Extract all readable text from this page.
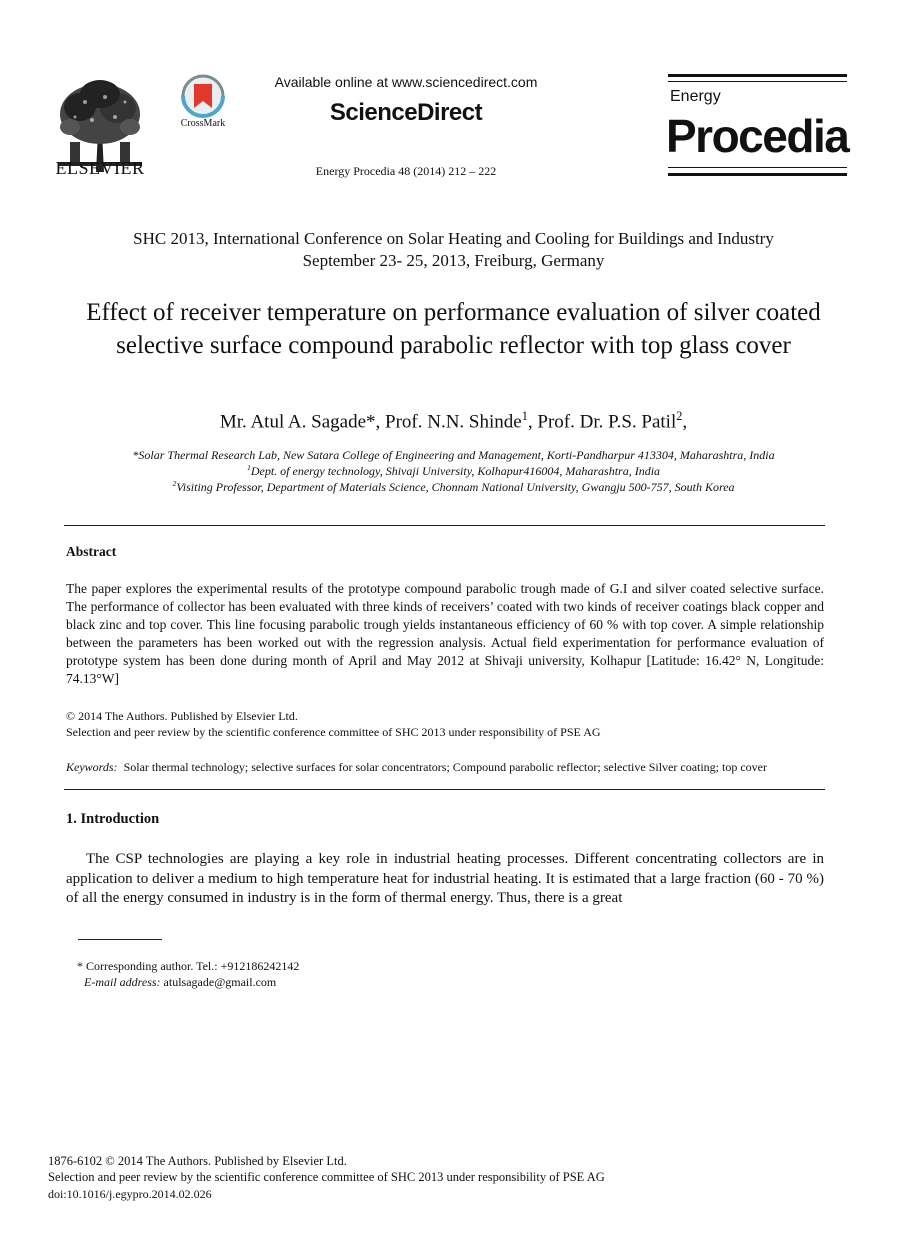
ELSEVIER
CrossMark
Available online at www.sciencedirect.com
ScienceDirect
Energy Procedia 48 (2014) 212 – 222
Energy
Procedia
SHC 2013, International Conference on Solar Heating and Cooling for Buildings and Industry
September 23- 25, 2013, Freiburg, Germany
Effect of receiver temperature on performance evaluation of silver coated selective surface compound parabolic reflector with top glass cover
Mr. Atul A. Sagade*, Prof. N.N. Shinde$^1$, Prof. Dr. P.S. Patil$^2$,
*Solar Thermal Research Lab, New Satara College of Engineering and Management, Korti-Pandharpur 413304, Maharashtra, India
$^1$Dept. of energy technology, Shivaji University, Kolhapur416004, Maharashtra, India
$^2$Visiting Professor, Department of Materials Science, Chonnam National University, Gwangju 500-757, South Korea
Abstract
The paper explores the experimental results of the prototype compound parabolic trough made of G.I and silver coated selective surface. The performance of collector has been evaluated with three kinds of receivers’ coated with two kinds of receiver coatings black copper and black zinc and top cover. This line focusing parabolic trough yields instantaneous efficiency of 60 % with top cover. A simple relationship between the parameters has been worked out with the regression analysis. Actual field experimentation for performance evaluation of prototype system has been done during month of April and May 2012 at Shivaji university, Kolhapur [Latitude: 16.42° N, Longitude: 74.13°W]
© 2014 The Authors. Published by Elsevier Ltd.
Selection and peer review by the scientific conference committee of SHC 2013 under responsibility of PSE AG
Keywords: Solar thermal technology; selective surfaces for solar concentrators; Compound parabolic reflector; selective Silver coating; top cover
1. Introduction
The CSP technologies are playing a key role in industrial heating processes. Different concentrating collectors are in application to deliver a medium to high temperature heat for industrial heating. It is estimated that a large fraction (60 - 70 %) of all the energy consumed in industry is in the form of thermal energy. Thus, there is a great
* Corresponding author. Tel.: +912186242142
E-mail address: atulsagade@gmail.com
1876-6102 © 2014 The Authors. Published by Elsevier Ltd.
Selection and peer review by the scientific conference committee of SHC 2013 under responsibility of PSE AG
doi:10.1016/j.egypro.2014.02.026
